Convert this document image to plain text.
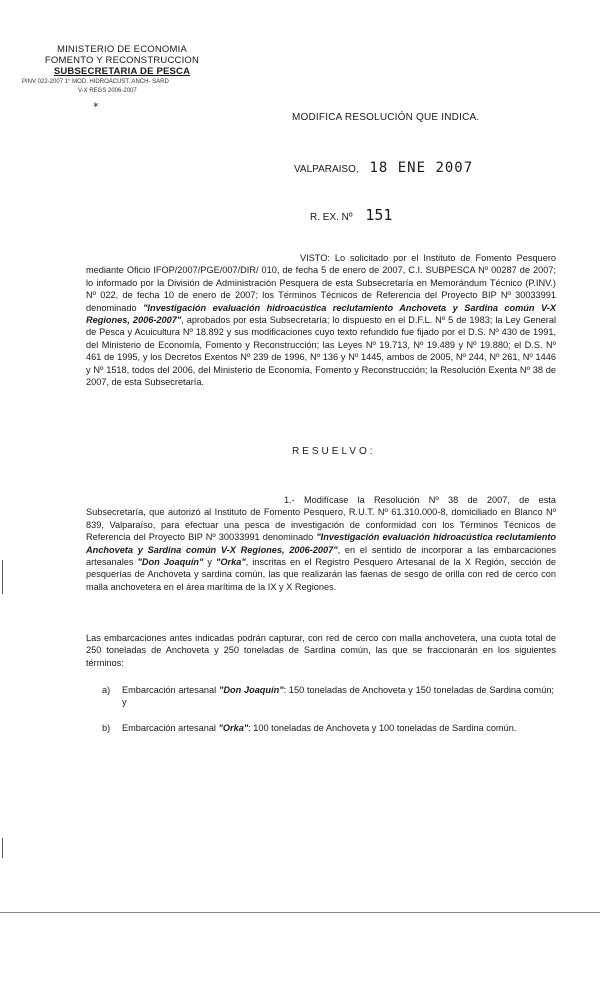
MINISTERIO DE ECONOMIA
FOMENTO Y RECONSTRUCCION
SUBSECRETARIA DE PESCA
PINV 022-2007 1° MOD. HIDROACUST. ANCH- SARD
V-X REGS 2006-2007
✶
MODIFICA RESOLUCIÓN QUE INDICA.
VALPARAISO, 18 ENE 2007
R. EX. Nº 151
VISTO: Lo solicitado por el Instituto de Fomento Pesquero mediante Oficio IFOP/2007/PGE/007/DIR/ 010, de fecha 5 de enero de 2007, C.I. SUBPESCA Nº 00287 de 2007; lo informado por la División de Administración Pesquera de esta Subsecretaría en Memorándum Técnico (P.INV.) Nº 022, de fecha 10 de enero de 2007; los Términos Técnicos de Referencia del Proyecto BIP Nº 30033991 denominado "Investigación evaluación hidroacústica reclutamiento Anchoveta y Sardina común V-X Regiones, 2006-2007", aprobados por esta Subsecretaría; lo dispuesto en el D.F.L. Nº 5 de 1983; la Ley General de Pesca y Acuicultura Nº 18.892 y sus modificaciones cuyo texto refundido fue fijado por el D.S. Nº 430 de 1991, del Ministerio de Economía, Fomento y Reconstrucción; las Leyes Nº 19.713, Nº 19.489 y Nº 19.880; el D.S. Nº 461 de 1995, y los Decretos Exentos Nº 239 de 1996, Nº 136 y Nº 1445, ambos de 2005, Nº 244, Nº 261, Nº 1446 y Nº 1518, todos del 2006, del Ministerio de Economía, Fomento y Reconstrucción; la Resolución Exenta Nº 38 de 2007, de esta Subsecretaría.
RESUELVO:
1.- Modifícase la Resolución Nº 38 de 2007, de esta Subsecretaría, que autorizó al Instituto de Fomento Pesquero, R.U.T. Nº 61.310.000-8, domiciliado en Blanco Nº 839, Valparaíso, para efectuar una pesca de investigación de conformidad con los Términos Técnicos de Referencia del Proyecto BIP Nº 30033991 denominado "Investigación evaluación hidroacústica reclutamiento Anchoveta y Sardina común V-X Regiones, 2006-2007", en el sentido de incorporar a las embarcaciones artesanales "Don Joaquín" y "Orka", inscritas en el Registro Pesquero Artesanal de la X Región, sección de pesquerías de Anchoveta y sardina común, las que realizarán las faenas de sesgo de orilla con red de cerco con malla anchovetera en el área marítima de la IX y X Regiones.
Las embarcaciones antes indicadas podrán capturar, con red de cerco con malla anchovetera, una cuota total de 250 toneladas de Anchoveta y 250 toneladas de Sardina común, las que se fraccionarán en los siguientes términos:
a) Embarcación artesanal "Don Joaquín": 150 toneladas de Anchoveta y 150 toneladas de Sardina común; y
b) Embarcación artesanal "Orka": 100 toneladas de Anchoveta y 100 toneladas de Sardina común.
